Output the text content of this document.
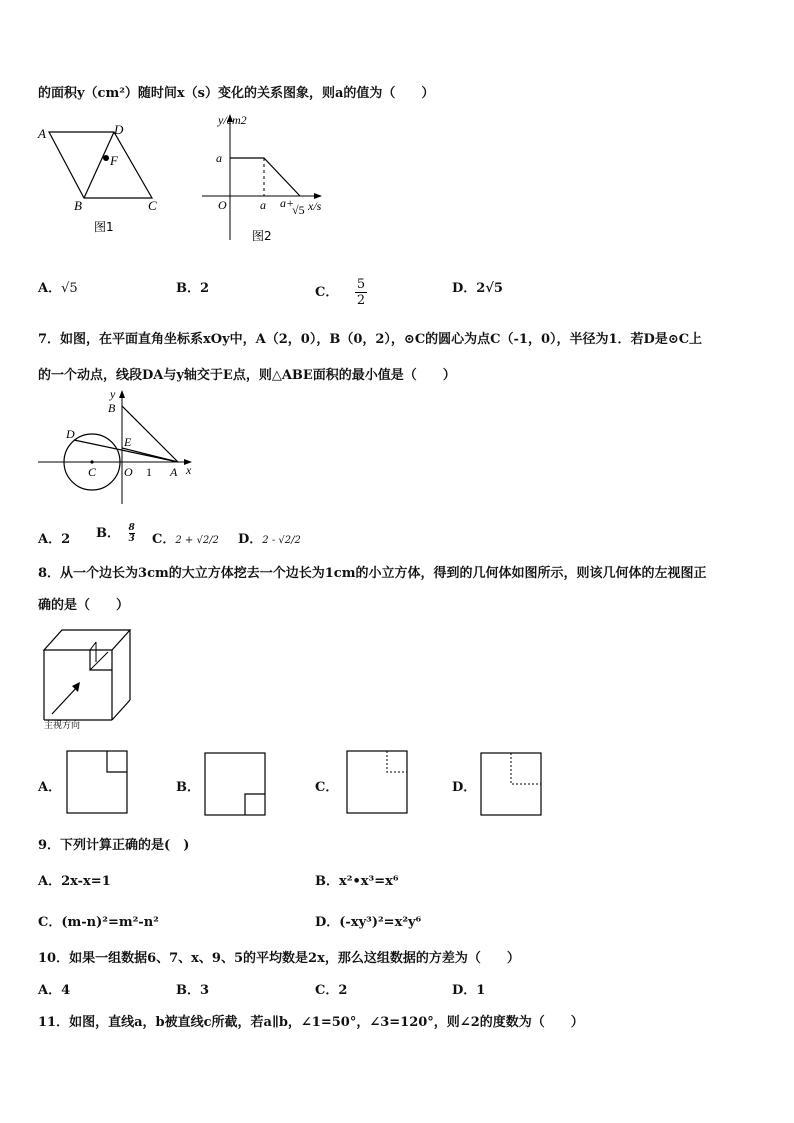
的面积y（cm²）随时间x（s）变化的关系图象，则a的值为（　　）
A	D
F
B	C
图1
y/cm2
a
O	a a+
√5 x/s
图2
A．√5	B．2	C． $\frac{5}{2}$	D．2√5
7．如图，在平面直角坐标系xOy中，A（2，0），B（0，2），⊙C的圆心为点C（-1，0），半径为1．若D是⊙C上
的一个动点，线段DA与y轴交于E点，则△ABE面积的最小值是（　　）
y
B
D
E
C O 1 A x
A．2 B． $\frac{8}{3}$ C．2 + √2/2 D．2 - √2/2
8．从一个边长为3cm的大立方体挖去一个边长为1cm的小立方体，得到的几何体如图所示，则该几何体的左视图正
确的是（　　）
主视方向
A．	B．	C．	D．
9．下列计算正确的是(　)
A．2x-x=1	B．x²•x³=x⁶
C．(m-n)²=m²-n²	D．(-xy³)²=x²y⁶
10．如果一组数据6、7、x、9、5的平均数是2x，那么这组数据的方差为（　　）
A．4	B．3	C．2	D．1
11．如图，直线a，b被直线c所截，若a∥b，∠1=50°，∠3=120°，则∠2的度数为（　　）
